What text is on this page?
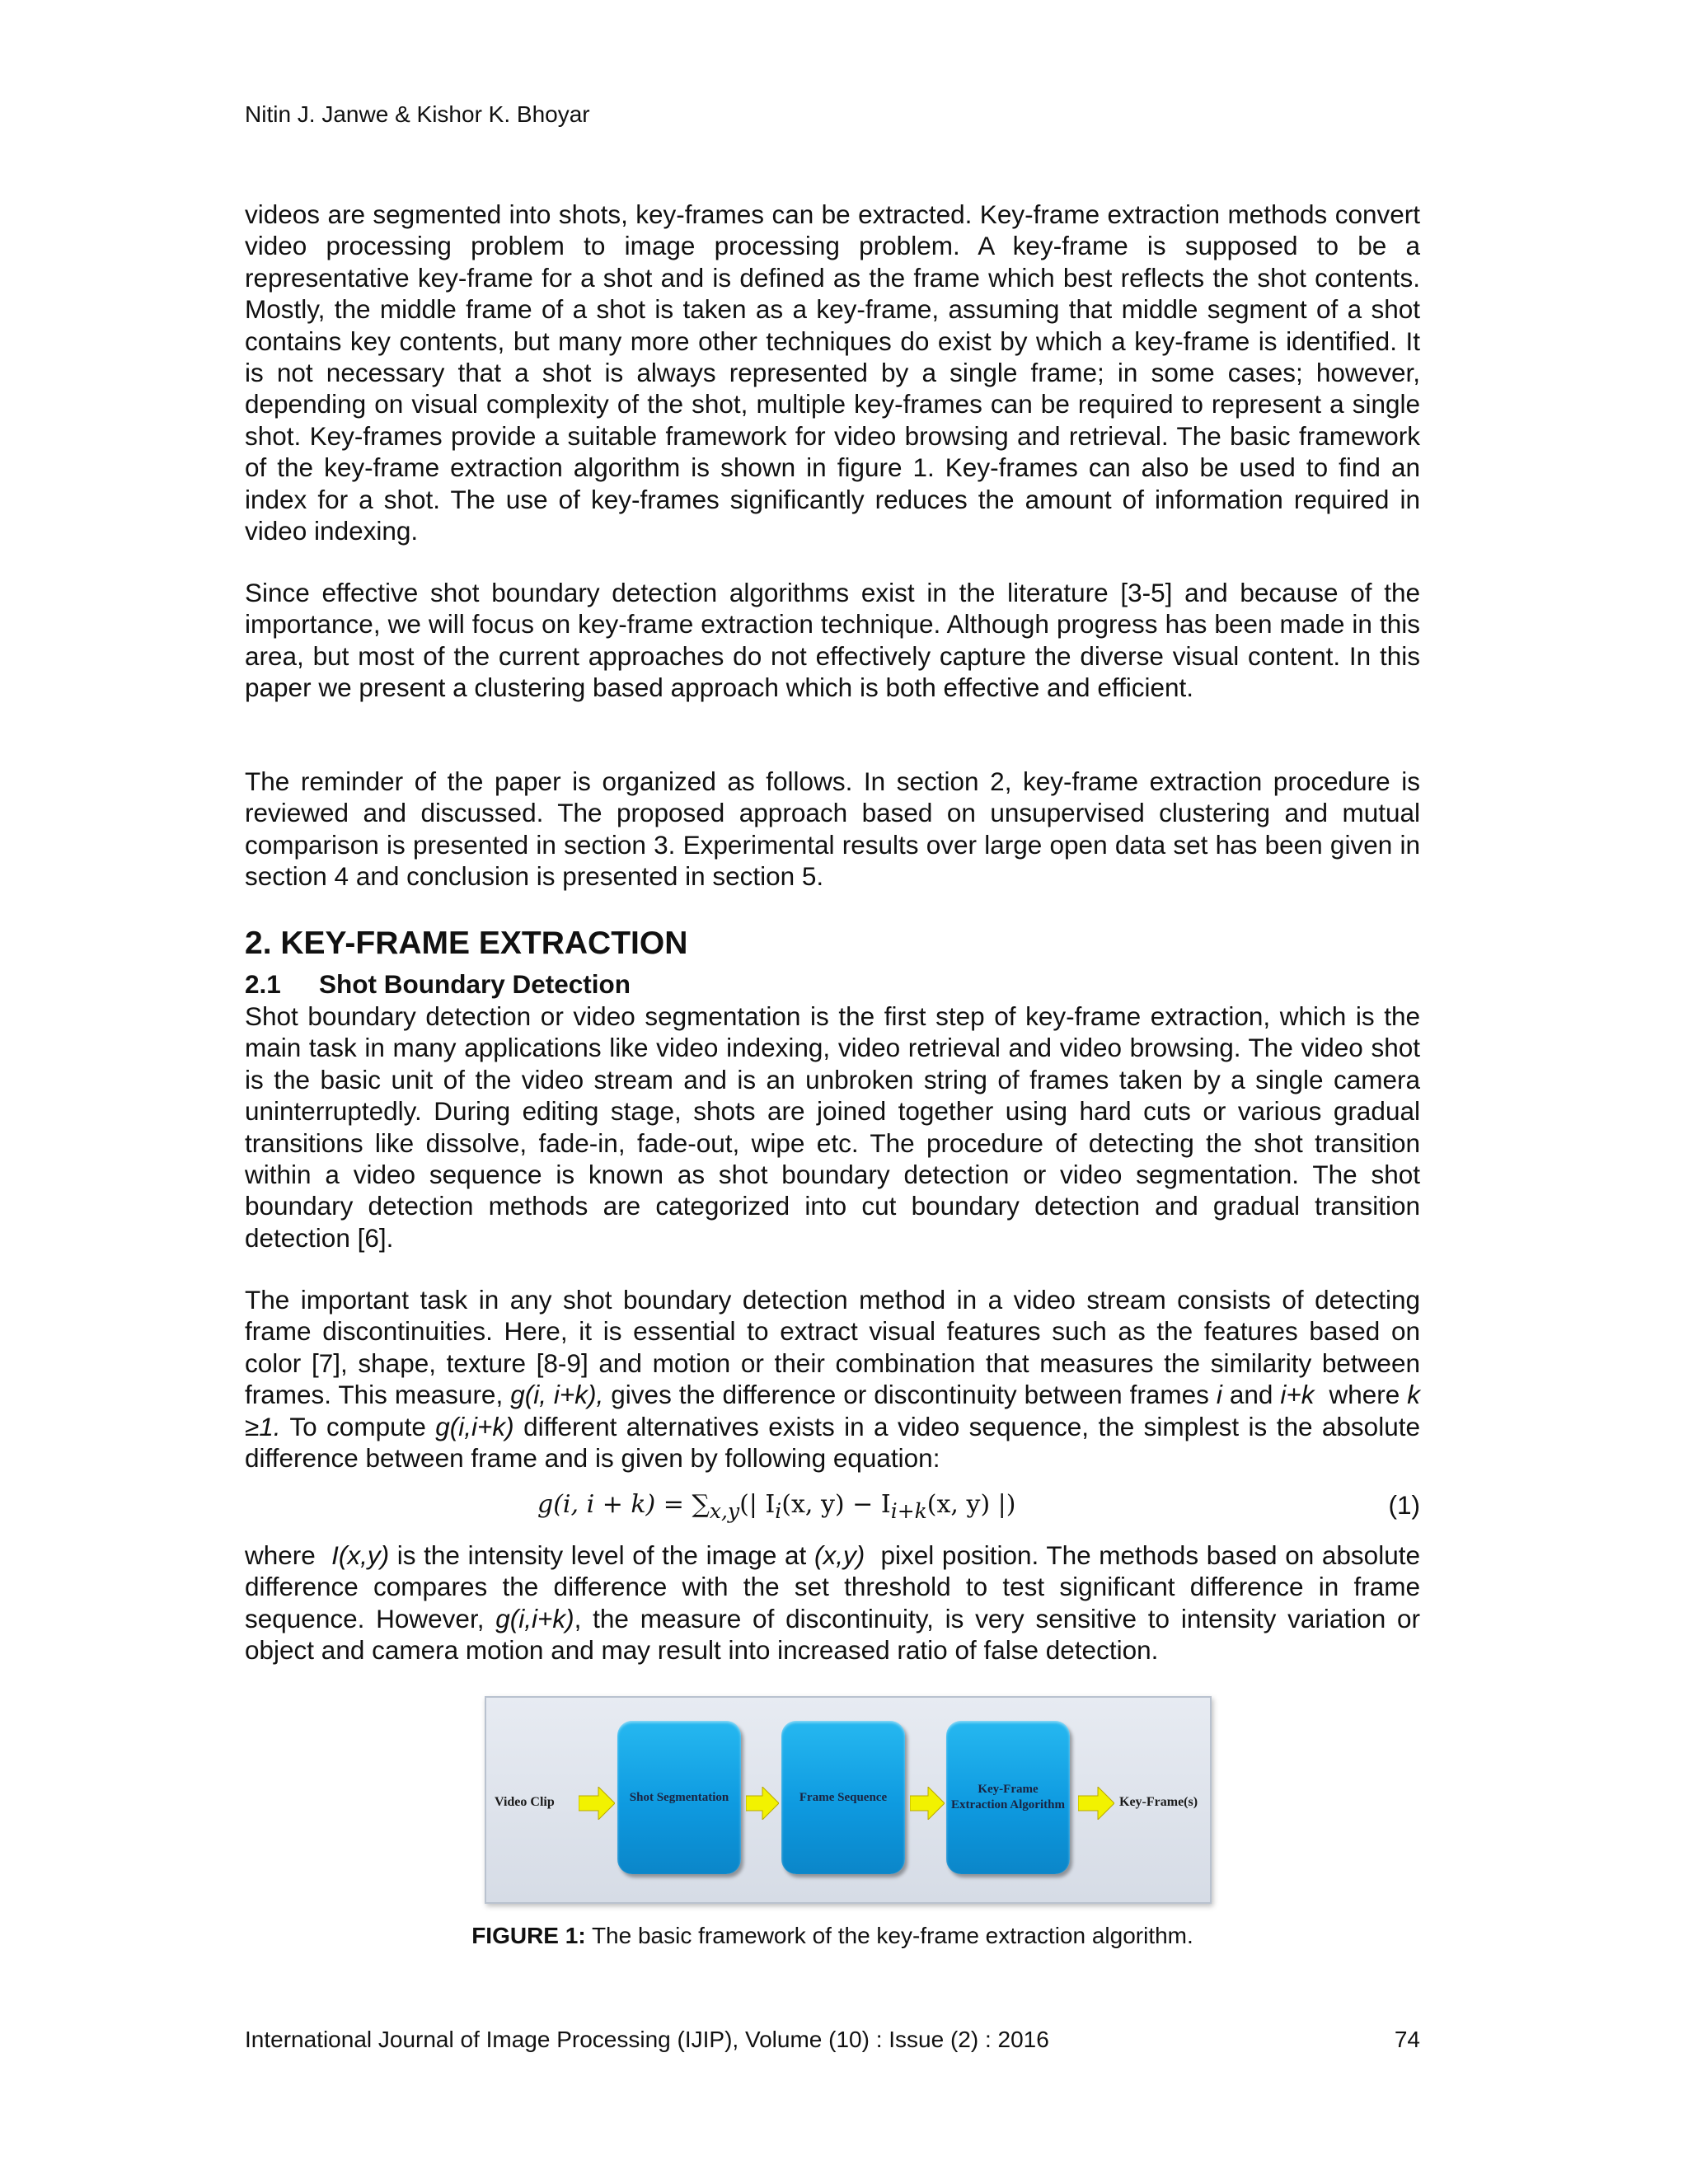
Nitin J. Janwe & Kishor K. Bhoyar

videos are segmented into shots, key-frames can be extracted. Key-frame extraction methods convert video processing problem to image processing problem. A key-frame is supposed to be a representative key-frame for a shot and is defined as the frame which best reflects the shot contents. Mostly, the middle frame of a shot is taken as a key-frame, assuming that middle segment of a shot contains key contents, but many more other techniques do exist by which a key-frame is identified. It is not necessary that a shot is always represented by a single frame; in some cases; however, depending on visual complexity of the shot, multiple key-frames can be required to represent a single shot. Key-frames provide a suitable framework for video browsing and retrieval. The basic framework of the key-frame extraction algorithm is shown in figure 1. Key-frames can also be used to find an index for a shot. The use of key-frames significantly reduces the amount of information required in video indexing.

Since effective shot boundary detection algorithms exist in the literature [3-5] and because of the importance, we will focus on key-frame extraction technique. Although progress has been made in this area, but most of the current approaches do not effectively capture the diverse visual content. In this paper we present a clustering based approach which is both effective and efficient.

The reminder of the paper is organized as follows. In section 2, key-frame extraction procedure is reviewed and discussed. The proposed approach based on unsupervised clustering and mutual comparison is presented in section 3. Experimental results over large open data set has been given in section 4 and conclusion is presented in section 5.

2. KEY-FRAME EXTRACTION
2.1 Shot Boundary Detection

Shot boundary detection or video segmentation is the first step of key-frame extraction, which is the main task in many applications like video indexing, video retrieval and video browsing. The video shot is the basic unit of the video stream and is an unbroken string of frames taken by a single camera uninterruptedly. During editing stage, shots are joined together using hard cuts or various gradual transitions like dissolve, fade-in, fade-out, wipe etc. The procedure of detecting the shot transition within a video sequence is known as shot boundary detection or video segmentation. The shot boundary detection methods are categorized into cut boundary detection and gradual transition detection [6].

The important task in any shot boundary detection method in a video stream consists of detecting frame discontinuities. Here, it is essential to extract visual features such as the features based on color [7], shape, texture [8-9] and motion or their combination that measures the similarity between frames. This measure, g(i, i+k), gives the difference or discontinuity between frames i and i+k  where k ≥1. To compute g(i,i+k) different alternatives exists in a video sequence, the simplest is the absolute difference between frame and is given by following equation:

g(i, $i + k) = \sum_{x,y}(|$ $I_i(x$, $y) - I_{i+k}(x$, y) |)	(1)

where  I(x,y) is the intensity level of the image at (x,y)  pixel position. The methods based on absolute difference compares the difference with the set threshold to test significant difference in frame sequence. However, g(i,i+k), the measure of discontinuity, is very sensitive to intensity variation or object and camera motion and may result into increased ratio of false detection.

Video Clip	Shot Segmentation	Frame Sequence
Key-Frame Extraction Algorithm	Key-Frame(s)
FIGURE 1: The basic framework of the key-frame extraction algorithm.
International Journal of Image Processing (IJIP), Volume (10) : Issue (2) : 2016	74
